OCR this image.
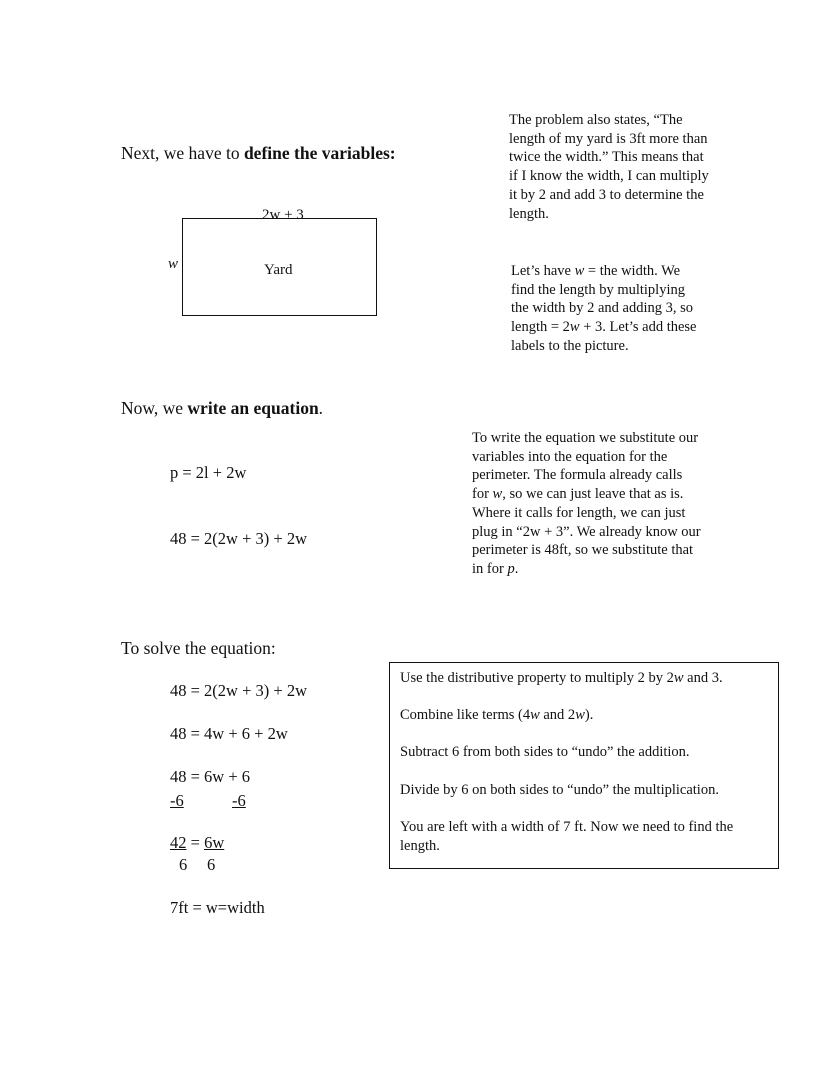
Next, we have to define the variables:
2w + 3
w	Yard
The problem also states, “The length of my yard is 3ft more than twice the width.” This means that if I know the width, I can multiply it by 2 and add 3 to determine the length.
Let’s have w = the width. We find the length by multiplying the width by 2 and adding 3, so length = 2w + 3. Let’s add these labels to the picture.
Now, we write an equation.
p = 2l + 2w
48 = 2(2w + 3) + 2w
To write the equation we substitute our variables into the equation for the perimeter. The formula already calls for w, so we can just leave that as is. Where it calls for length, we can just plug in “2w + 3”. We already know our perimeter is 48ft, so we substitute that in for p.
To solve the equation:
48 = 2(2w + 3) + 2w
48 = 4w + 6 + 2w
48 = 6w + 6
-6	-6
42 = 6w
6 6
7ft = w=width
Use the distributive property to multiply 2 by 2w and 3.
Combine like terms (4w and 2w).
Subtract 6 from both sides to “undo” the addition.
Divide by 6 on both sides to “undo” the multiplication.
You are left with a width of 7 ft. Now we need to find the length.
